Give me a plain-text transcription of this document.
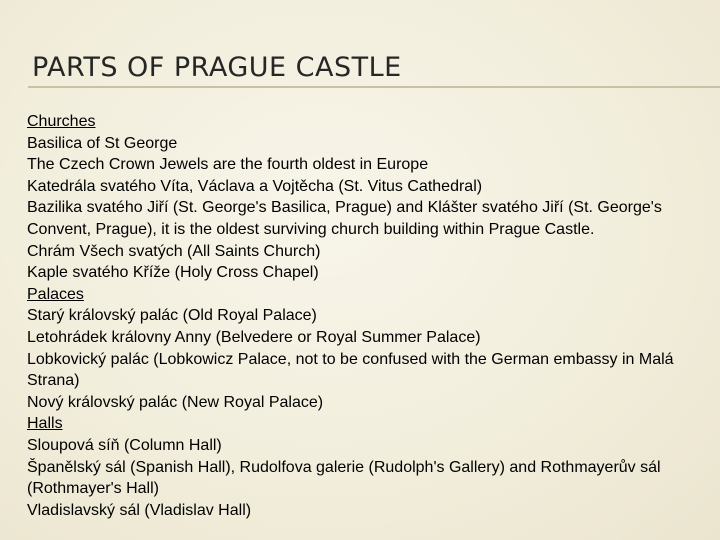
PARTS OF PRAGUE CASTLE
Churches
Basilica of St George
The Czech Crown Jewels are the fourth oldest in Europe
Katedrála svatého Víta, Václava a Vojtěcha (St. Vitus Cathedral)
Bazilika svatého Jiří (St. George's Basilica, Prague) and Klášter svatého Jiří (St. George's Convent, Prague), it is the oldest surviving church building within Prague Castle.
Chrám Všech svatých (All Saints Church)
Kaple svatého Kříže (Holy Cross Chapel)
Palaces
Starý královský palác (Old Royal Palace)
Letohrádek královny Anny (Belvedere or Royal Summer Palace)
Lobkovický palác (Lobkowicz Palace, not to be confused with the German embassy in Malá Strana)
Nový královský palác (New Royal Palace)
Halls
Sloupová síň (Column Hall)
Španělský sál (Spanish Hall), Rudolfova galerie (Rudolph's Gallery) and Rothmayerův sál (Rothmayer's Hall)
Vladislavský sál (Vladislav Hall)
